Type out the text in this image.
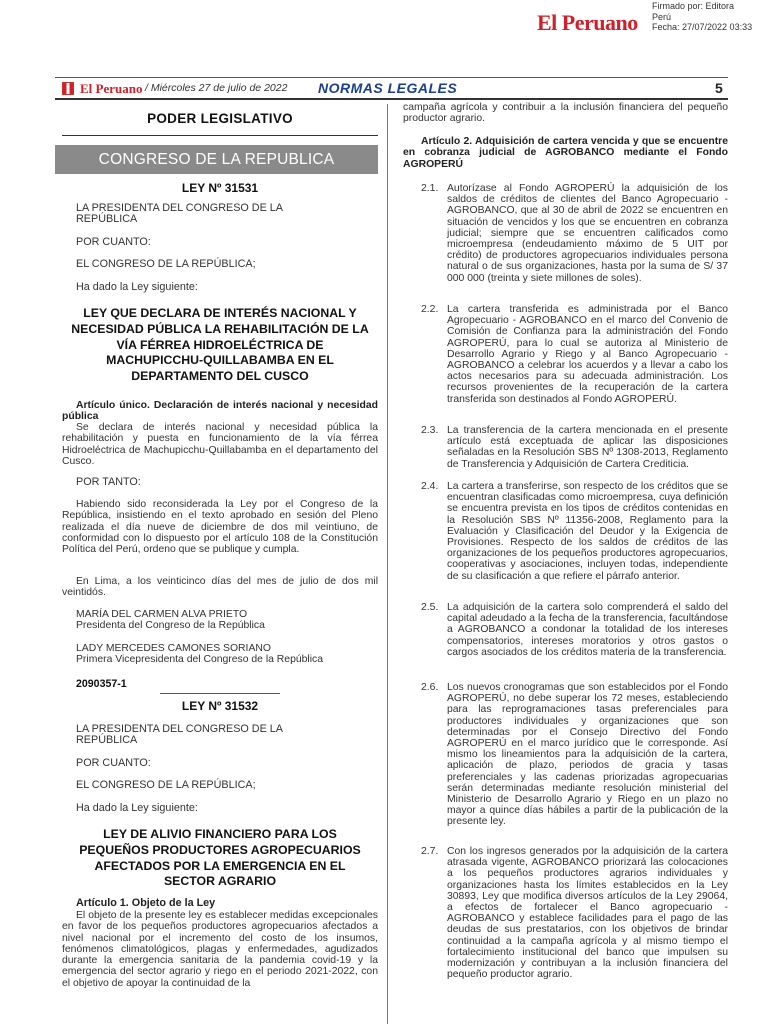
El Peruano
Firmado por: Editora
Perú
Fecha: 27/07/2022 03:33
El Peruano / Miércoles 27 de julio de 2022 NORMAS LEGALES	5
PODER LEGISLATIVO
CONGRESO DE LA REPUBLICA
LEY Nº 31531
LA PRESIDENTA DEL CONGRESO DE LA REPÚBLICA
POR CUANTO:
EL CONGRESO DE LA REPÚBLICA;
Ha dado la Ley siguiente:
LEY QUE DECLARA DE INTERÉS NACIONAL Y NECESIDAD PÚBLICA LA REHABILITACIÓN DE LA VÍA FÉRREA HIDROELÉCTRICA DE MACHUPICCHU-QUILLABAMBA EN EL DEPARTAMENTO DEL CUSCO
Artículo único. Declaración de interés nacional y necesidad pública
Se declara de interés nacional y necesidad pública la rehabilitación y puesta en funcionamiento de la vía férrea Hidroeléctrica de Machupicchu-Quillabamba en el departamento del Cusco.
POR TANTO:
Habiendo sido reconsiderada la Ley por el Congreso de la República, insistiendo en el texto aprobado en sesión del Pleno realizada el día nueve de diciembre de dos mil veintiuno, de conformidad con lo dispuesto por el artículo 108 de la Constitución Política del Perú, ordeno que se publique y cumpla.
En Lima, a los veinticinco días del mes de julio de dos mil veintidós.
MARÍA DEL CARMEN ALVA PRIETO
Presidenta del Congreso de la República
LADY MERCEDES CAMONES SORIANO
Primera Vicepresidenta del Congreso de la República
2090357-1
LEY Nº 31532
LA PRESIDENTA DEL CONGRESO DE LA REPÚBLICA
POR CUANTO:
EL CONGRESO DE LA REPÚBLICA;
Ha dado la Ley siguiente:
LEY DE ALIVIO FINANCIERO PARA LOS PEQUEÑOS PRODUCTORES AGROPECUARIOS AFECTADOS POR LA EMERGENCIA EN EL SECTOR AGRARIO
Artículo 1. Objeto de la Ley
El objeto de la presente ley es establecer medidas excepcionales en favor de los pequeños productores agropecuarios afectados a nivel nacional por el incremento del costo de los insumos, fenómenos climatológicos, plagas y enfermedades, agudizados durante la emergencia sanitaria de la pandemia covid-19 y la emergencia del sector agrario y riego en el periodo 2021-2022, con el objetivo de apoyar la continuidad de la
campaña agrícola y contribuir a la inclusión financiera del pequeño productor agrario.
Artículo 2. Adquisición de cartera vencida y que se encuentre en cobranza judicial de AGROBANCO mediante el Fondo AGROPERÚ
2.1. Autorízase al Fondo AGROPERÚ la adquisición de los saldos de créditos de clientes del Banco Agropecuario - AGROBANCO, que al 30 de abril de 2022 se encuentren en situación de vencidos y los que se encuentren en cobranza judicial; siempre que se encuentren calificados como microempresa (endeudamiento máximo de 5 UIT por crédito) de productores agropecuarios individuales persona natural o de sus organizaciones, hasta por la suma de S/ 37 000 000 (treinta y siete millones de soles).
2.2. La cartera transferida es administrada por el Banco Agropecuario - AGROBANCO en el marco del Convenio de Comisión de Confianza para la administración del Fondo AGROPERÚ, para lo cual se autoriza al Ministerio de Desarrollo Agrario y Riego y al Banco Agropecuario - AGROBANCO a celebrar los acuerdos y a llevar a cabo los actos necesarios para su adecuada administración. Los recursos provenientes de la recuperación de la cartera transferida son destinados al Fondo AGROPERÚ.
2.3. La transferencia de la cartera mencionada en el presente artículo está exceptuada de aplicar las disposiciones señaladas en la Resolución SBS Nº 1308-2013, Reglamento de Transferencia y Adquisición de Cartera Crediticia.
2.4. La cartera a transferirse, son respecto de los créditos que se encuentran clasificadas como microempresa, cuya definición se encuentra prevista en los tipos de créditos contenidas en la Resolución SBS Nº 11356-2008, Reglamento para la Evaluación y Clasificación del Deudor y la Exigencia de Provisiones. Respecto de los saldos de créditos de las organizaciones de los pequeños productores agropecuarios, cooperativas y asociaciones, incluyen todas, independiente de su clasificación a que refiere el párrafo anterior.
2.5. La adquisición de la cartera solo comprenderá el saldo del capital adeudado a la fecha de la transferencia, facultándose a AGROBANCO a condonar la totalidad de los intereses compensatorios, intereses moratorios y otros gastos o cargos asociados de los créditos materia de la transferencia.
2.6. Los nuevos cronogramas que son establecidos por el Fondo AGROPERÚ, no debe superar los 72 meses, estableciendo para las reprogramaciones tasas preferenciales para productores individuales y organizaciones que son determinadas por el Consejo Directivo del Fondo AGROPERÚ en el marco jurídico que le corresponde. Así mismo los lineamientos para la adquisición de la cartera, aplicación de plazo, periodos de gracia y tasas preferenciales y las cadenas priorizadas agropecuarias serán determinadas mediante resolución ministerial del Ministerio de Desarrollo Agrario y Riego en un plazo no mayor a quince días hábiles a partir de la publicación de la presente ley.
2.7. Con los ingresos generados por la adquisición de la cartera atrasada vigente, AGROBANCO priorizará las colocaciones a los pequeños productores agrarios individuales y organizaciones hasta los límites establecidos en la Ley 30893, Ley que modifica diversos artículos de la Ley 29064, a efectos de fortalecer el Banco agropecuario - AGROBANCO y establece facilidades para el pago de las deudas de sus prestatarios, con los objetivos de brindar continuidad a la campaña agrícola y al mismo tiempo el fortalecimiento institucional del banco que impulsen su modernización y contribuyan a la inclusión financiera del pequeño productor agrario.
